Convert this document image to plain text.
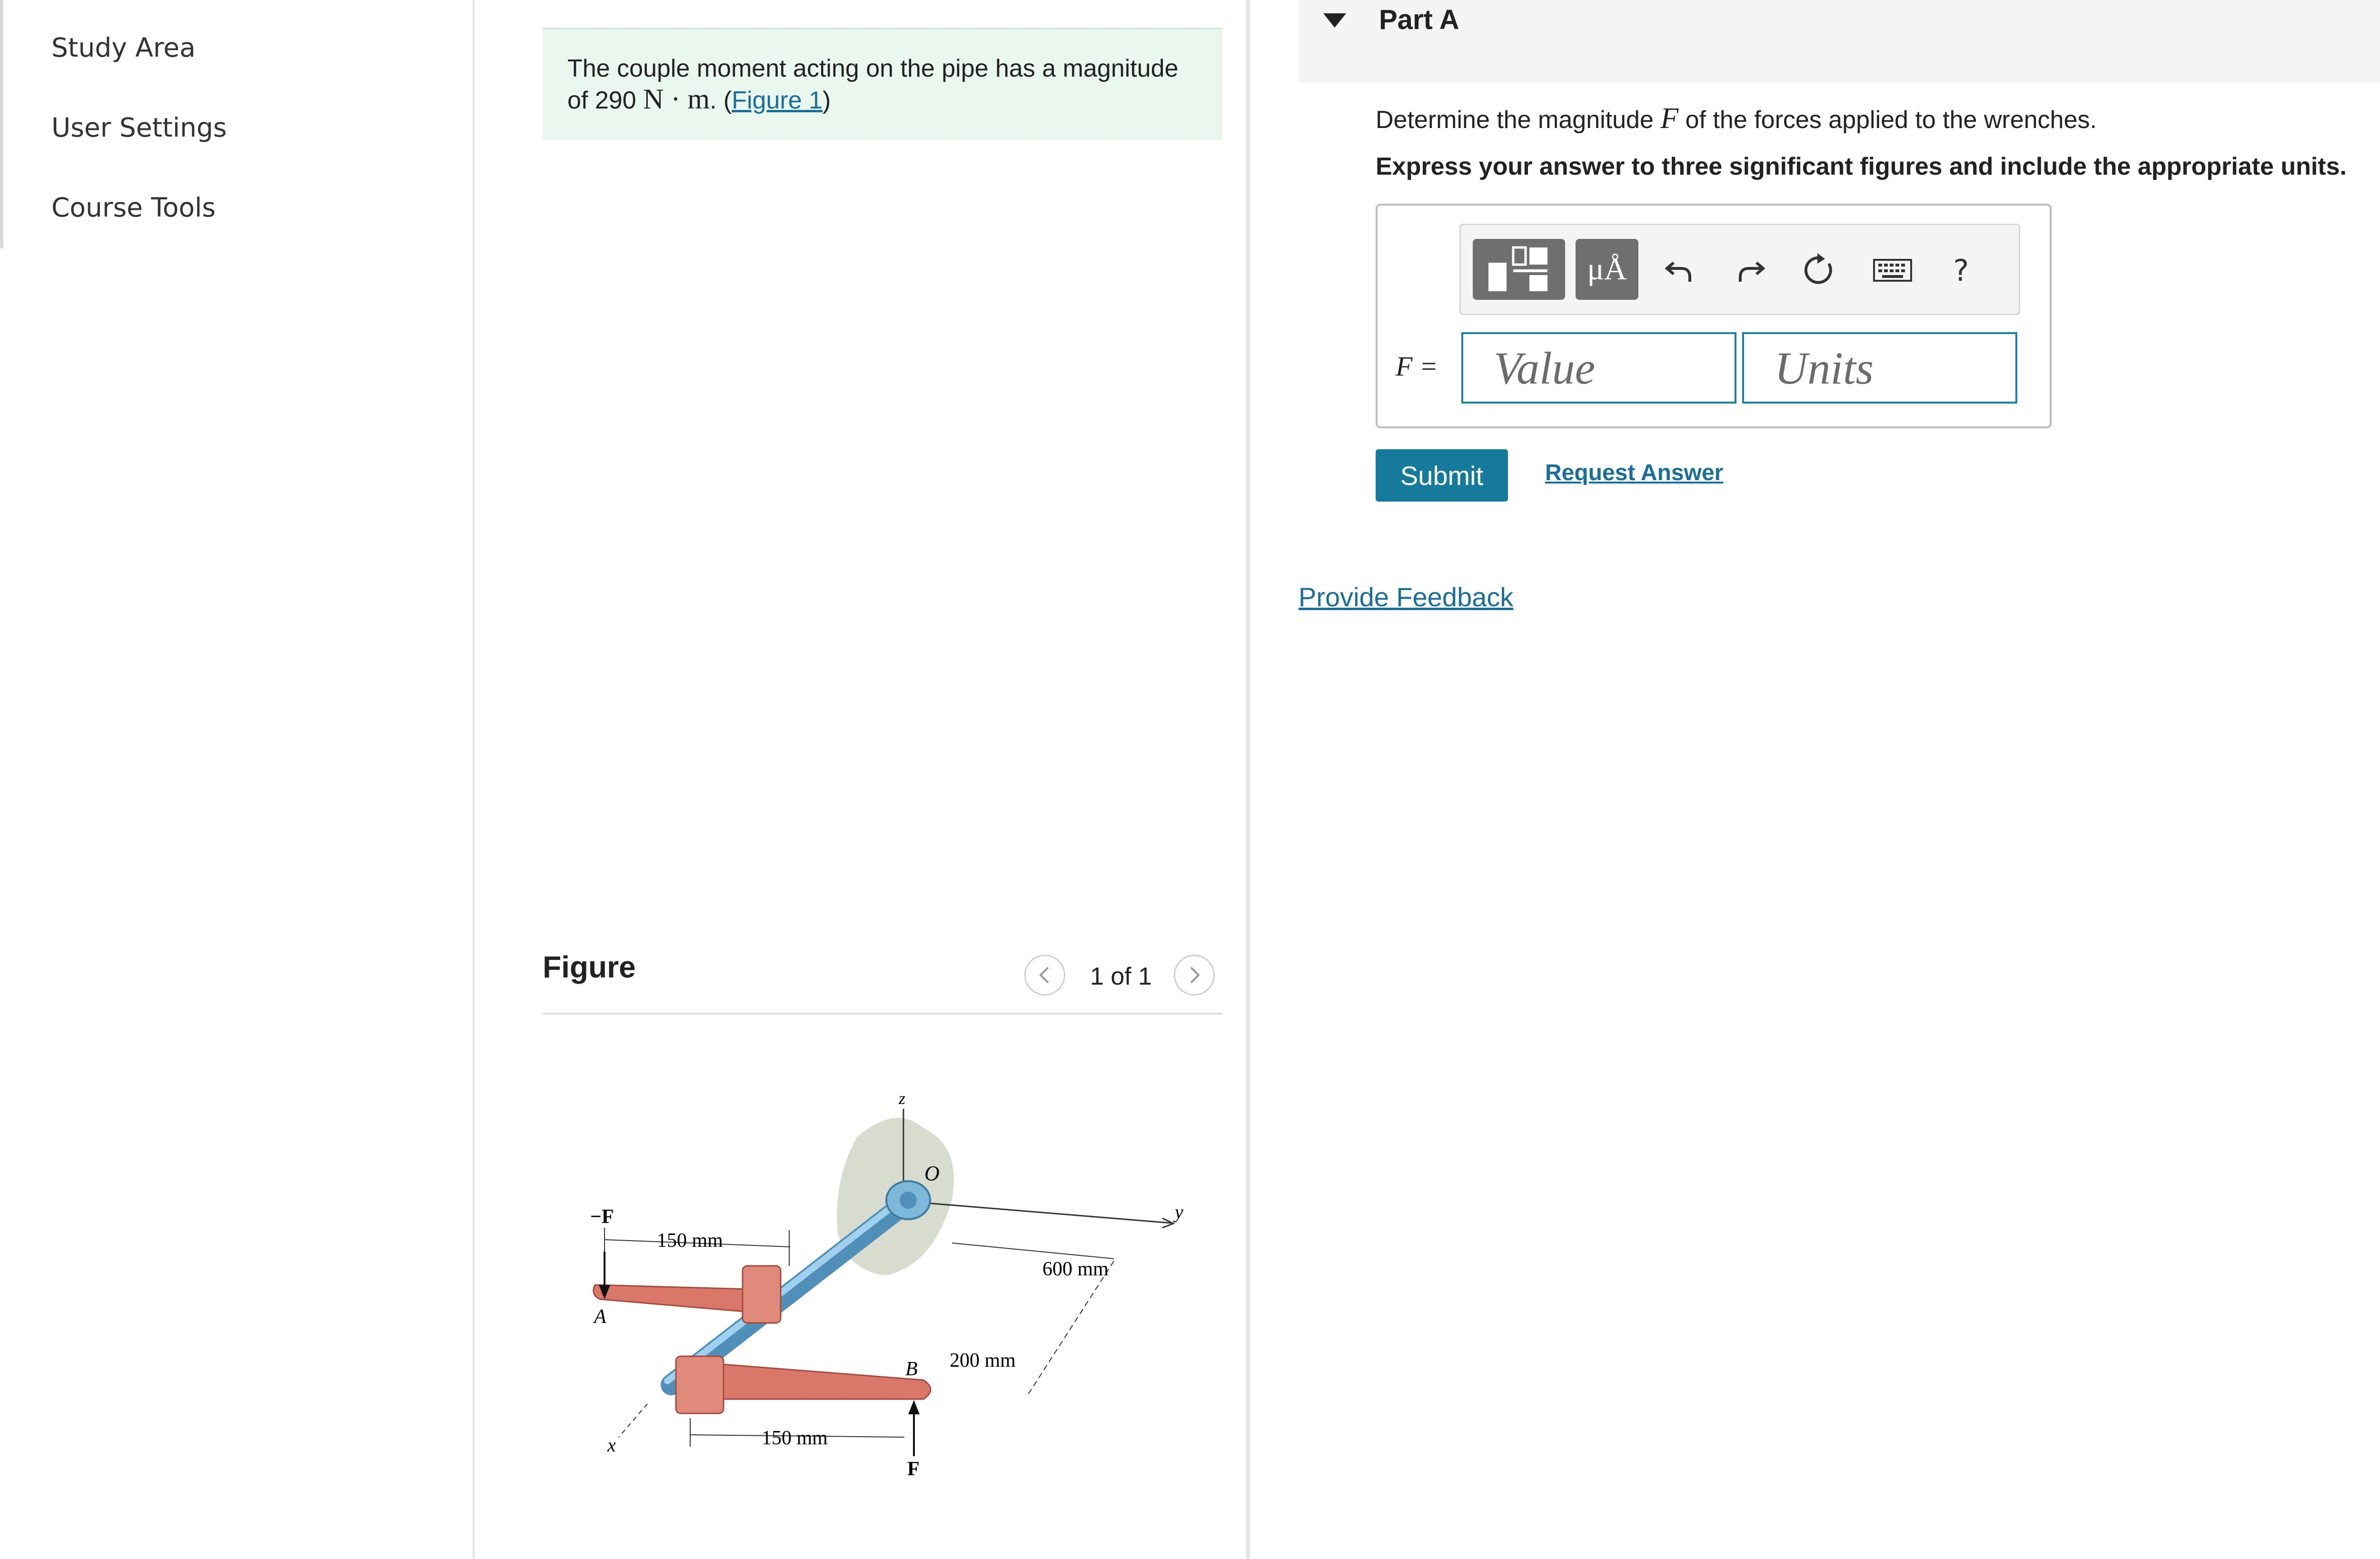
Study Area
User Settings
Course Tools
The couple moment acting on the pipe has a magnitude of 290 N · m. (Figure 1)
Figure	1 of 1
z
O
y
x
−F
F
A
B
150 mm
150 mm
600 mm
200 mm
Part A
Determine the magnitude F of the forces applied to the wrenches.
Express your answer to three significant figures and include the appropriate units.
μÅ	?
F =
Value
Units
Submit	Request Answer
Provide Feedback
